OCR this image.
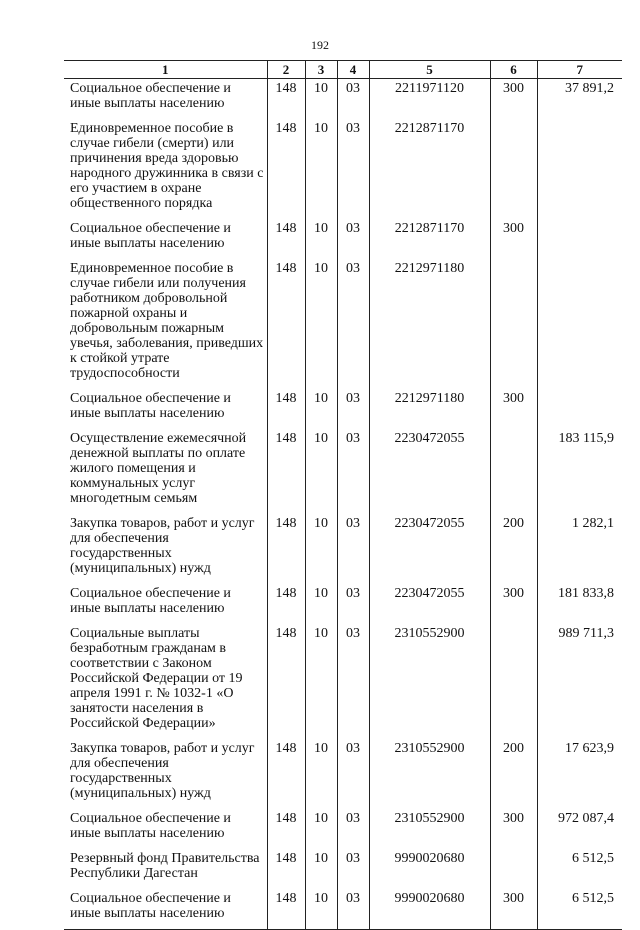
192
1	2	3	4	5	6	7
Социальное обеспечение и иные выплаты населению	148	10	03	2211971120	300	37 891,2
Единовременное пособие в случае гибели (смерти) или причинения вреда здоровью народного дружинника в связи с его участием в охране общественного порядка	148	10	03	2212871170		
Социальное обеспечение и иные выплаты населению	148	10	03	2212871170	300	
Единовременное пособие в случае гибели или получения работником добровольной пожарной охраны и добровольным пожарным увечья, заболевания, приведших к стойкой утрате трудоспособности	148	10	03	2212971180		
Социальное обеспечение и иные выплаты населению	148	10	03	2212971180	300	
Осуществление ежемесячной денежной выплаты по оплате жилого помещения и коммунальных услуг многодетным семьям	148	10	03	2230472055		183 115,9
Закупка товаров, работ и услуг для обеспечения государственных (муниципальных) нужд	148	10	03	2230472055	200	1 282,1
Социальное обеспечение и иные выплаты населению	148	10	03	2230472055	300	181 833,8
Социальные выплаты безработным гражданам в соответствии с Законом Российской Федерации от 19 апреля 1991 г. № 1032-1 «О занятости населения в Российской Федерации»	148	10	03	2310552900		989 711,3
Закупка товаров, работ и услуг для обеспечения государственных (муниципальных) нужд	148	10	03	2310552900	200	17 623,9
Социальное обеспечение и иные выплаты населению	148	10	03	2310552900	300	972 087,4
Резервный фонд Правительства Республики Дагестан	148	10	03	9990020680		6 512,5
Социальное обеспечение и иные выплаты населению	148	10	03	9990020680	300	6 512,5
